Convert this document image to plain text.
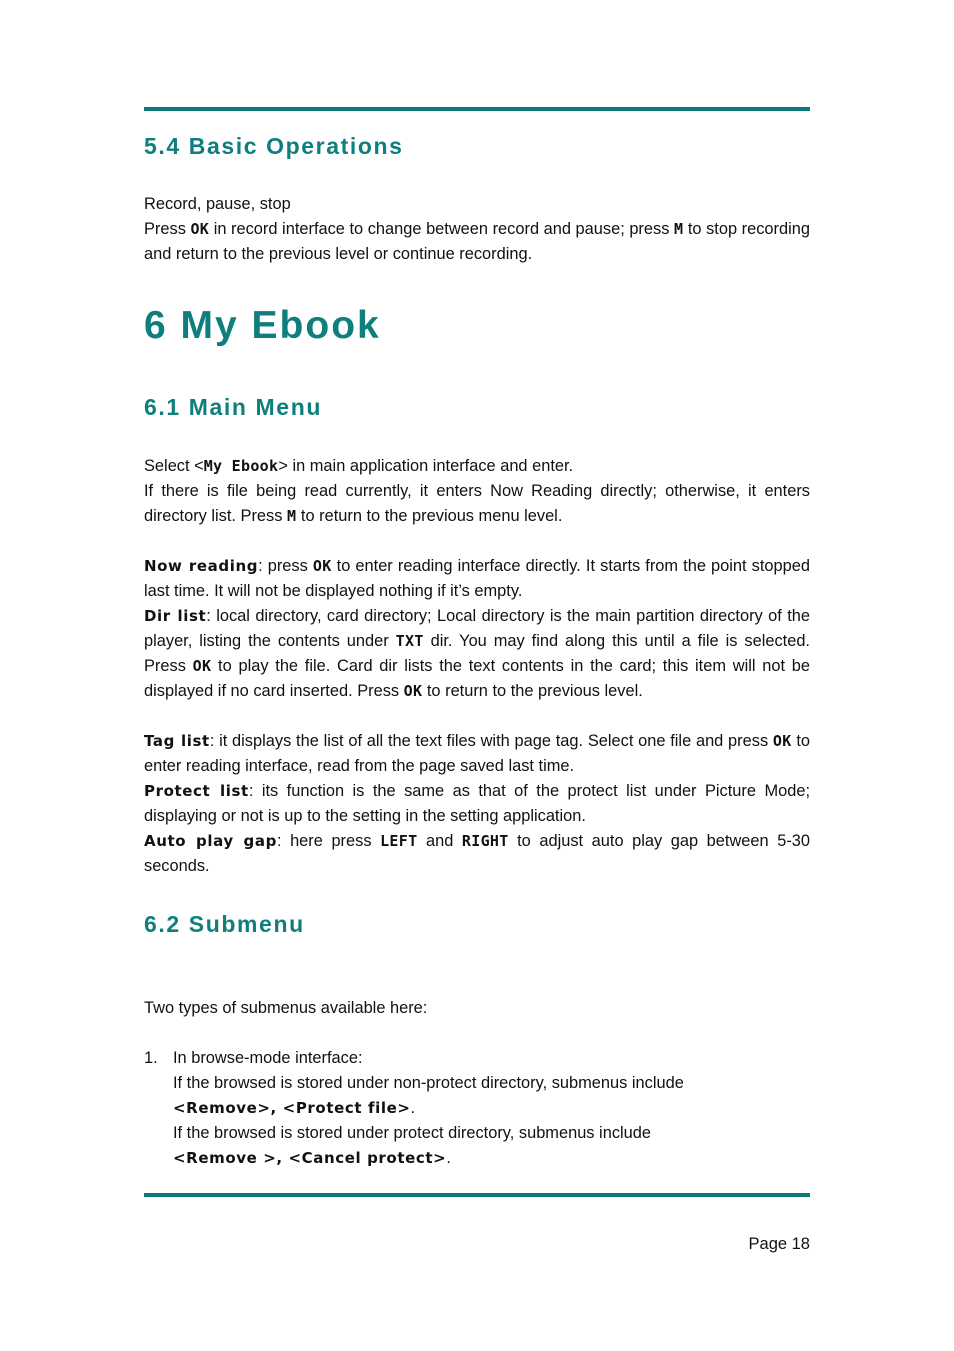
5.4 Basic Operations

Record, pause, stop

Press OK in record interface to change between record and pause; press M to stop recording and return to the previous level or continue recording.

6 My Ebook
6.1 Main Menu

Select <My Ebook> in main application interface and enter.

If there is file being read currently, it enters Now Reading directly; otherwise, it enters directory list. Press M to return to the previous menu level.

Now reading: press OK to enter reading interface directly. It starts from the point stopped last time. It will not be displayed nothing if it’s empty.

Dir list: local directory, card directory; Local directory is the main partition directory of the player, listing the contents under TXT dir. You may find along this until a file is selected. Press OK to play the file. Card dir lists the text contents in the card; this item will not be displayed if no card inserted. Press OK to return to the previous level.

Tag list: it displays the list of all the text files with page tag. Select one file and press OK to enter reading interface, read from the page saved last time.

Protect list: its function is the same as that of the protect list under Picture Mode; displaying or not is up to the setting in the setting application.

Auto play gap: here press LEFT and RIGHT to adjust auto play gap between 5-30 seconds.

6.2 Submenu

Two types of submenus available here:

1. In browse-mode interface:
If the browsed is stored under non-protect directory, submenus include
<Remove>, <Protect file>.
If the browsed is stored under protect directory, submenus include
<Remove >, <Cancel protect>.
Page 18
